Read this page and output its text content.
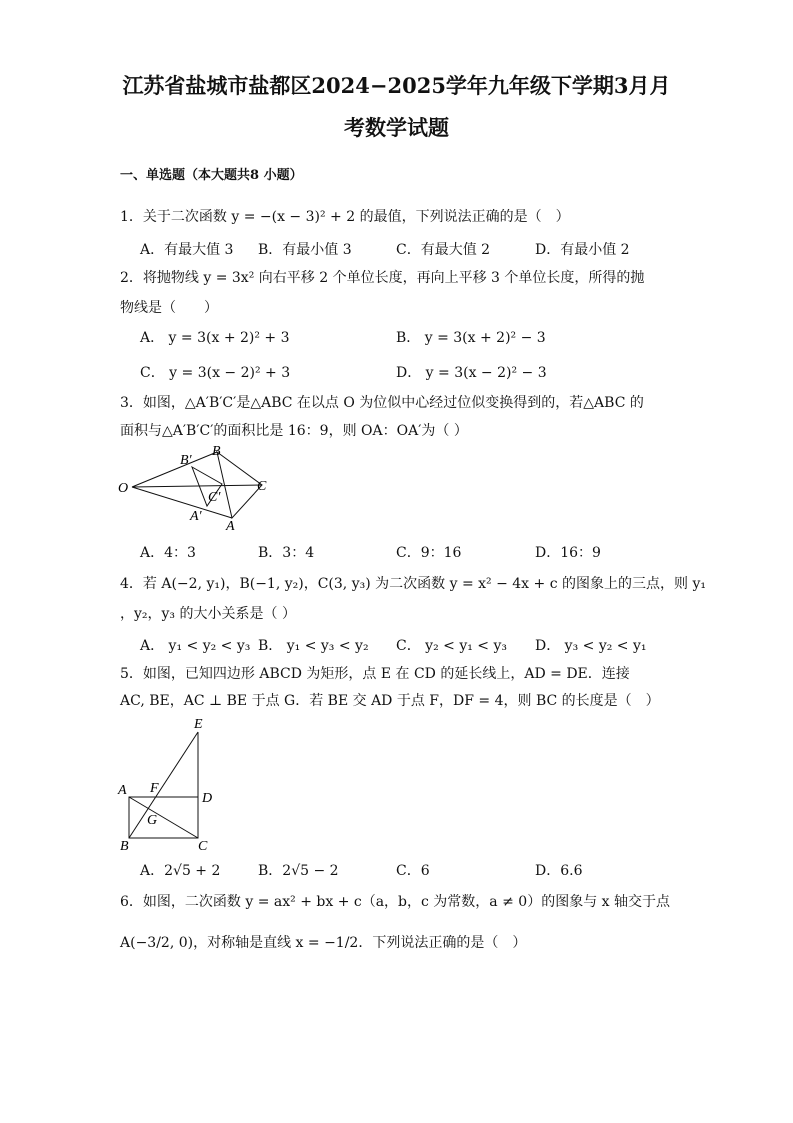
江苏省盐城市盐都区2024−2025学年九年级下学期3月月
考数学试题
一、单选题（本大题共8 小题）
1．关于二次函数 y = −(x − 3)² + 2 的最值，下列说法正确的是（　）
A．有最大值 3 B．有最小值 3	C．有最大值 2	D．有最小值 2
2．将抛物线 y = 3x² 向右平移 2 个单位长度，再向上平移 3 个单位长度，所得的抛
物线是（　　）
A． y = 3(x + 2)² + 3	B． y = 3(x + 2)² − 3
C． y = 3(x − 2)² + 3	D． y = 3(x − 2)² − 3
3．如图，△A′B′C′是△ABC 在以点 O 为位似中心经过位似变换得到的，若△ABC 的
面积与△A′B′C′的面积比是 16：9，则 OA：OA′为（ ）
O
B′
B
C′
C
A′
A
A．4：3	B．3：4	C．9：16	D．16：9
4．若 A(−2, y₁)，B(−1, y₂)，C(3, y₃) 为二次函数 y = x² − 4x + c 的图象上的三点，则 y₁
，y₂，y₃ 的大小关系是（ ）
A． y₁ < y₂ < y₃ B． y₁ < y₃ < y₂ C． y₂ < y₁ < y₃ D． y₃ < y₂ < y₁
5．如图，已知四边形 ABCD 为矩形，点 E 在 CD 的延长线上，AD = DE．连接
AC, BE，AC ⊥ BE 于点 G．若 BE 交 AD 于点 F，DF = 4，则 BC 的长度是（　）
E
A F
D
G
B	C
A．2√5 + 2	B．2√5 − 2	C．6	D．6.6
6．如图，二次函数 y = ax² + bx + c（a，b，c 为常数，a ≠ 0）的图象与 x 轴交于点
A(−3/2, 0)，对称轴是直线 x = −1/2．下列说法正确的是（　）
